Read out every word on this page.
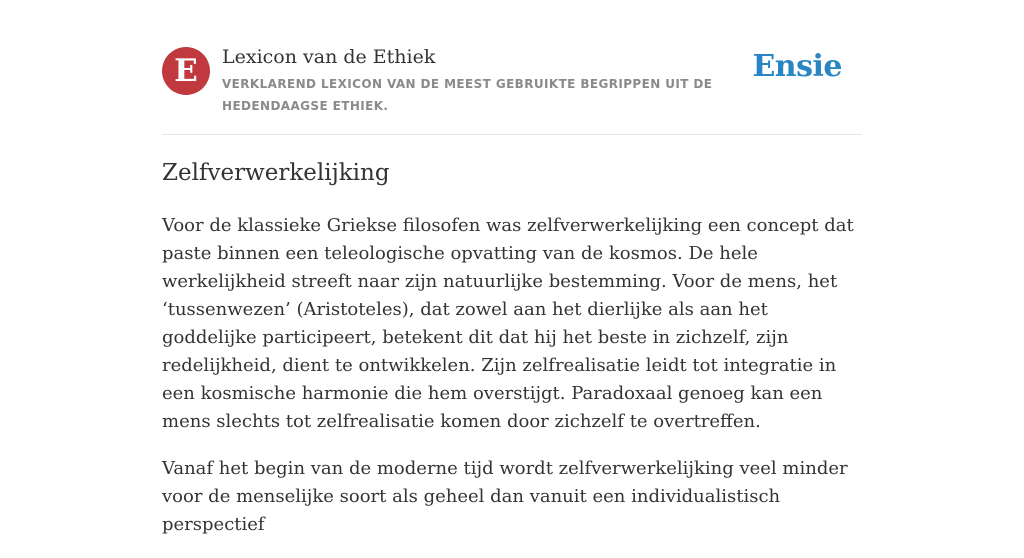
E	Lexicon van de Ethiek
VERKLAREND LEXICON VAN DE MEEST GEBRUIKTE BEGRIPPEN UIT DE HEDENDAAGSE ETHIEK.
Ensie
Zelfverwerkelijking

Voor de klassieke Griekse filosofen was zelfverwerkelijking een concept dat paste binnen een teleologische opvatting van de kosmos. De hele werkelijkheid streeft naar zijn natuurlijke bestemming. Voor de mens, het ‘tussenwezen’ (Aristoteles), dat zowel aan het dierlijke als aan het goddelijke participeert, betekent dit dat hij het beste in zichzelf, zijn redelijkheid, dient te ontwikkelen. Zijn zelfrealisatie leidt tot integratie in een kosmische harmonie die hem overstijgt. Paradoxaal genoeg kan een mens slechts tot zelfrealisatie komen door zichzelf te overtreffen.

Vanaf het begin van de moderne tijd wordt zelfverwerkelijking veel minder voor de menselijke soort als geheel dan vanuit een individualistisch perspectief
